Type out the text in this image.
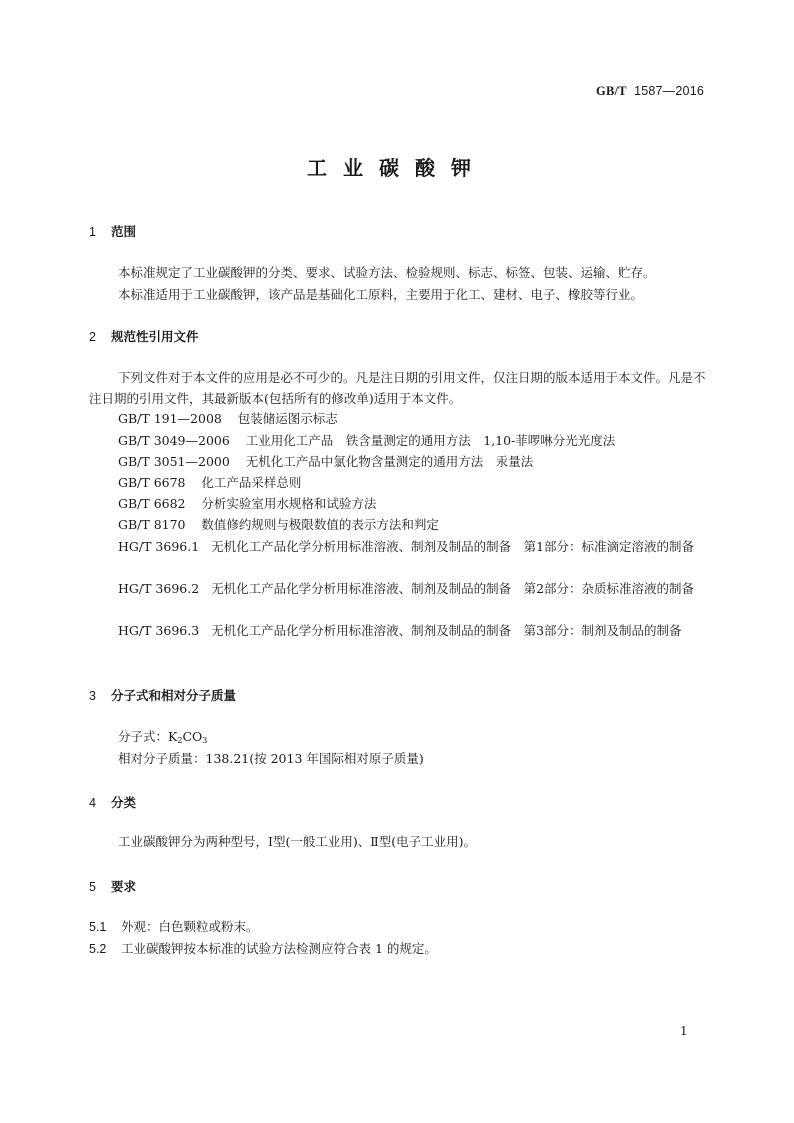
GB/T 1587—2016
工业碳酸钾
1 范围
本标准规定了工业碳酸钾的分类、要求、试验方法、检验规则、标志、标签、包装、运输、贮存。
本标准适用于工业碳酸钾，该产品是基础化工原料，主要用于化工、建材、电子、橡胶等行业。
2 规范性引用文件
下列文件对于本文件的应用是必不可少的。凡是注日期的引用文件，仅注日期的版本适用于本文件。凡是不注日期的引用文件，其最新版本(包括所有的修改单)适用于本文件。
GB/T 191—2008 包装储运图示标志
GB/T 3049—2006 工业用化工产品　铁含量测定的通用方法　1,10-菲啰啉分光光度法
GB/T 3051—2000 无机化工产品中氯化物含量测定的通用方法　汞量法
GB/T 6678 化工产品采样总则
GB/T 6682 分析实验室用水规格和试验方法
GB/T 8170 数值修约规则与极限数值的表示方法和判定
HG/T 3696.1 无机化工产品化学分析用标准溶液、制剂及制品的制备　第1部分：标准滴定溶液的制备
HG/T 3696.2 无机化工产品化学分析用标准溶液、制剂及制品的制备　第2部分：杂质标准溶液的制备
HG/T 3696.3 无机化工产品化学分析用标准溶液、制剂及制品的制备　第3部分：制剂及制品的制备
3 分子式和相对分子质量
分子式：$K_2CO_3$
相对分子质量：138.21(按 2013 年国际相对原子质量)
4 分类
工业碳酸钾分为两种型号，Ⅰ型(一般工业用)、Ⅱ型(电子工业用)。
5 要求
5.1 外观：白色颗粒或粉末。
5.2 工业碳酸钾按本标准的试验方法检测应符合表 1 的规定。
1
